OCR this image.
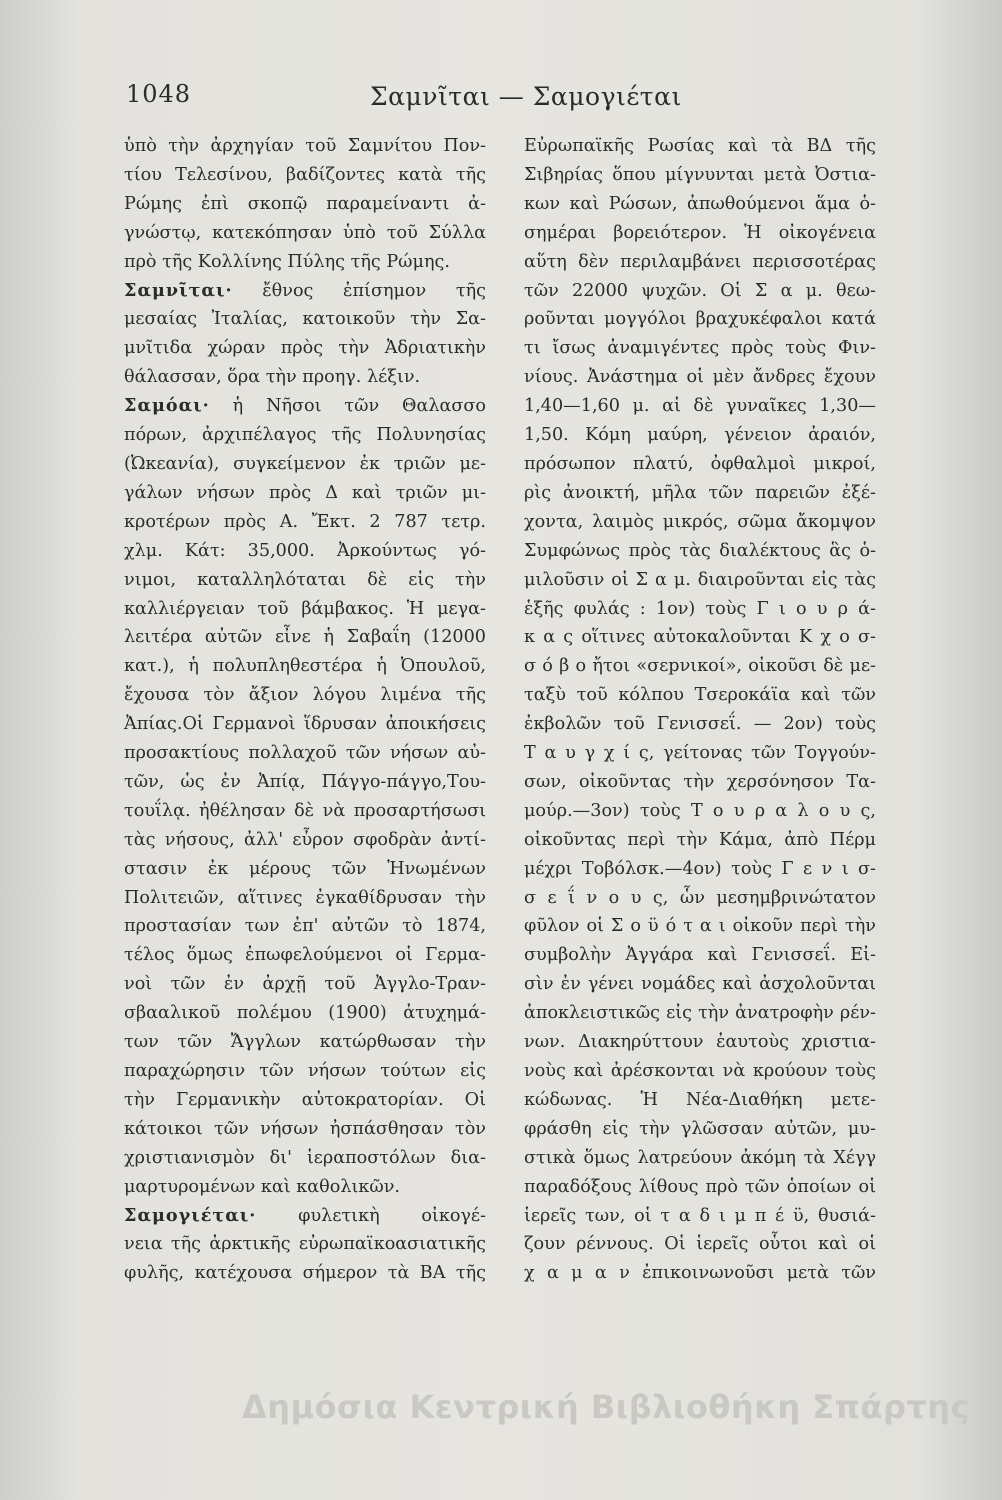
1048	Σαμνῖται — Σαμογιέται
ὑπὸ τὴν ἀρχηγίαν τοῦ Σαμνίτου Πον-
τίου Τελεσίνου, βαδίζοντες κατὰ τῆς
Ρώμης ἐπὶ σκοπῷ παραμείναντι ἀ-
γνώστῳ, κατεκόπησαν ὑπὸ τοῦ Σύλλα
πρὸ τῆς Κολλίνης Πύλης τῆς Ρώμης.
Σαμνῖται· ἔθνος ἐπίσημον τῆς
μεσαίας Ἰταλίας, κατοικοῦν τὴν Σα-
μνῖτιδα χώραν πρὸς τὴν Ἀδριατικὴν
θάλασσαν, ὅρα τὴν προηγ. λέξιν.
Σαμόαι· ἡ Νῆσοι τῶν Θαλασσο
πόρων, ἀρχιπέλαγος τῆς Πολυνησίας
(Ὠκεανία), συγκείμενον ἐκ τριῶν με-
γάλων νήσων πρὸς Δ καὶ τριῶν μι-
κροτέρων πρὸς Α. Ἔκτ. 2 787 τετρ.
χλμ. Κάτ: 35,000. Ἀρκούντως γό-
νιμοι, καταλληλόταται δὲ εἰς τὴν
καλλιέργειαν τοῦ βάμβακος. Ἡ μεγα-
λειτέρα αὐτῶν εἶνε ἡ Σαβαΐη (12000
κατ.), ἡ πολυπληθεστέρα ἡ Ὀπουλοῦ,
ἔχουσα τὸν ἄξιον λόγου λιμένα τῆς
Ἀπίας.Οἱ Γερμανοὶ ἵδρυσαν ἀποικήσεις
προσακτίους πολλαχοῦ τῶν νήσων αὐ-
τῶν, ὡς ἐν Ἀπίᾳ, Πάγγο-πάγγο,Του-
τουΐλᾳ. ἠθέλησαν δὲ νὰ προσαρτήσωσι
τὰς νήσους, ἀλλ' εὗρον σφοδρὰν ἀντί-
στασιν ἐκ μέρους τῶν Ἡνωμένων
Πολιτειῶν, αἵτινες ἐγκαθίδρυσαν τὴν
προστασίαν των ἐπ' αὐτῶν τὸ 1874,
τέλος ὅμως ἐπωφελούμενοι οἱ Γερμα-
νοὶ τῶν ἐν ἀρχῇ τοῦ Ἀγγλο-Τραν-
σβααλικοῦ πολέμου (1900) ἀτυχημά-
των τῶν Ἄγγλων κατώρθωσαν τὴν
παραχώρησιν τῶν νήσων τούτων εἰς
τὴν Γερμανικὴν αὐτοκρατορίαν. Οἱ
κάτοικοι τῶν νήσων ἠσπάσθησαν τὸν
χριστιανισμὸν δι' ἱεραποστόλων δια-
μαρτυρομένων καὶ καθολικῶν.
Σαμογιέται· φυλετικὴ οἰκογέ-
νεια τῆς ἀρκτικῆς εὐρωπαϊκοασιατικῆς
φυλῆς, κατέχουσα σήμερον τὰ ΒΑ τῆς
Εὐρωπαϊκῆς Ρωσίας καὶ τὰ ΒΔ τῆς
Σιβηρίας ὅπου μίγνυνται μετὰ Ὀστια-
κων καὶ Ρώσων, ἀπωθούμενοι ἅμα ὁ-
σημέραι βορειότερον. Ἡ οἰκογένεια
αὕτη δὲν περιλαμβάνει περισσοτέρας
τῶν 22000 ψυχῶν. Οἱ Σ α μ. θεω-
ροῦνται μογγόλοι βραχυκέφαλοι κατά
τι ἴσως ἀναμιγέντες πρὸς τοὺς Φιν-
νίους. Ἀνάστημα οἱ μὲν ἄνδρες ἔχουν
1,40—1,60 μ. αἱ δὲ γυναῖκες 1,30—
1,50. Κόμη μαύρη, γένειον ἀραιόν,
πρόσωπον πλατύ, ὀφθαλμοὶ μικροί,
ρὶς ἀνοικτή, μῆλα τῶν παρειῶν ἐξέ-
χοντα, λαιμὸς μικρός, σῶμα ἄκομψον
Συμφώνως πρὸς τὰς διαλέκτους ἃς ὁ-
μιλοῦσιν οἱ Σ α μ. διαιροῦνται εἰς τὰς
ἑξῆς φυλάς : 1ον) τοὺς Γ ι ο υ ρ ά-
κ α ς οἵτινες αὐτοκαλοῦνται Κ χ ο σ-
σ ό β ο ἤτοι «σεpνικοί», οἰκοῦσι δὲ με-
ταξὺ τοῦ κόλπου Τσεροκάϊα καὶ τῶν
ἐκβολῶν τοῦ Γενισσεΐ. — 2ον) τοὺς
Τ α υ γ χ ί ς, γείτονας τῶν Τογγούν-
σων, οἰκοῦντας τὴν χερσόνησον Τα-
μούρ.—3ον) τοὺς Τ ο υ ρ α λ ο υ ς,
οἰκοῦντας περὶ τὴν Κάμα, ἀπὸ Πέρμ
μέχρι Τοβόλσκ.—4ον) τοὺς Γ ε ν ι σ-
σ ε ΐ ν ο υ ς, ὧν μεσημβρινώτατον
φῦλον οἱ Σ ο ϋ ό τ α ι οἰκοῦν περὶ τὴν
συμβολὴν Ἀγγάρα καὶ Γενισσεΐ. Εἰ-
σὶν ἐν γένει νομάδες καὶ ἀσχολοῦνται
ἀποκλειστικῶς εἰς τὴν ἀνατροφὴν ρέν-
νων. Διακηρύττουν ἑαυτοὺς χριστια-
νοὺς καὶ ἀρέσκονται νὰ κρούουν τοὺς
κώδωνας. Ἡ Νέα-Διαθήκη μετε-
φράσθη εἰς τὴν γλῶσσαν αὐτῶν, μυ-
στικὰ ὅμως λατρεύουν ἀκόμη τὰ Χέγγ
παραδόξους λίθους πρὸ τῶν ὁποίων οἱ
ἱερεῖς των, οἱ τ α δ ι μ π έ ϋ, θυσιά-
ζουν ρέννους. Οἱ ἱερεῖς οὗτοι καὶ οἱ
χ α μ α ν ἐπικοινωνοῦσι μετὰ τῶν
Δημόσια Κεντρική Βιβλιοθήκη Σπάρτης
